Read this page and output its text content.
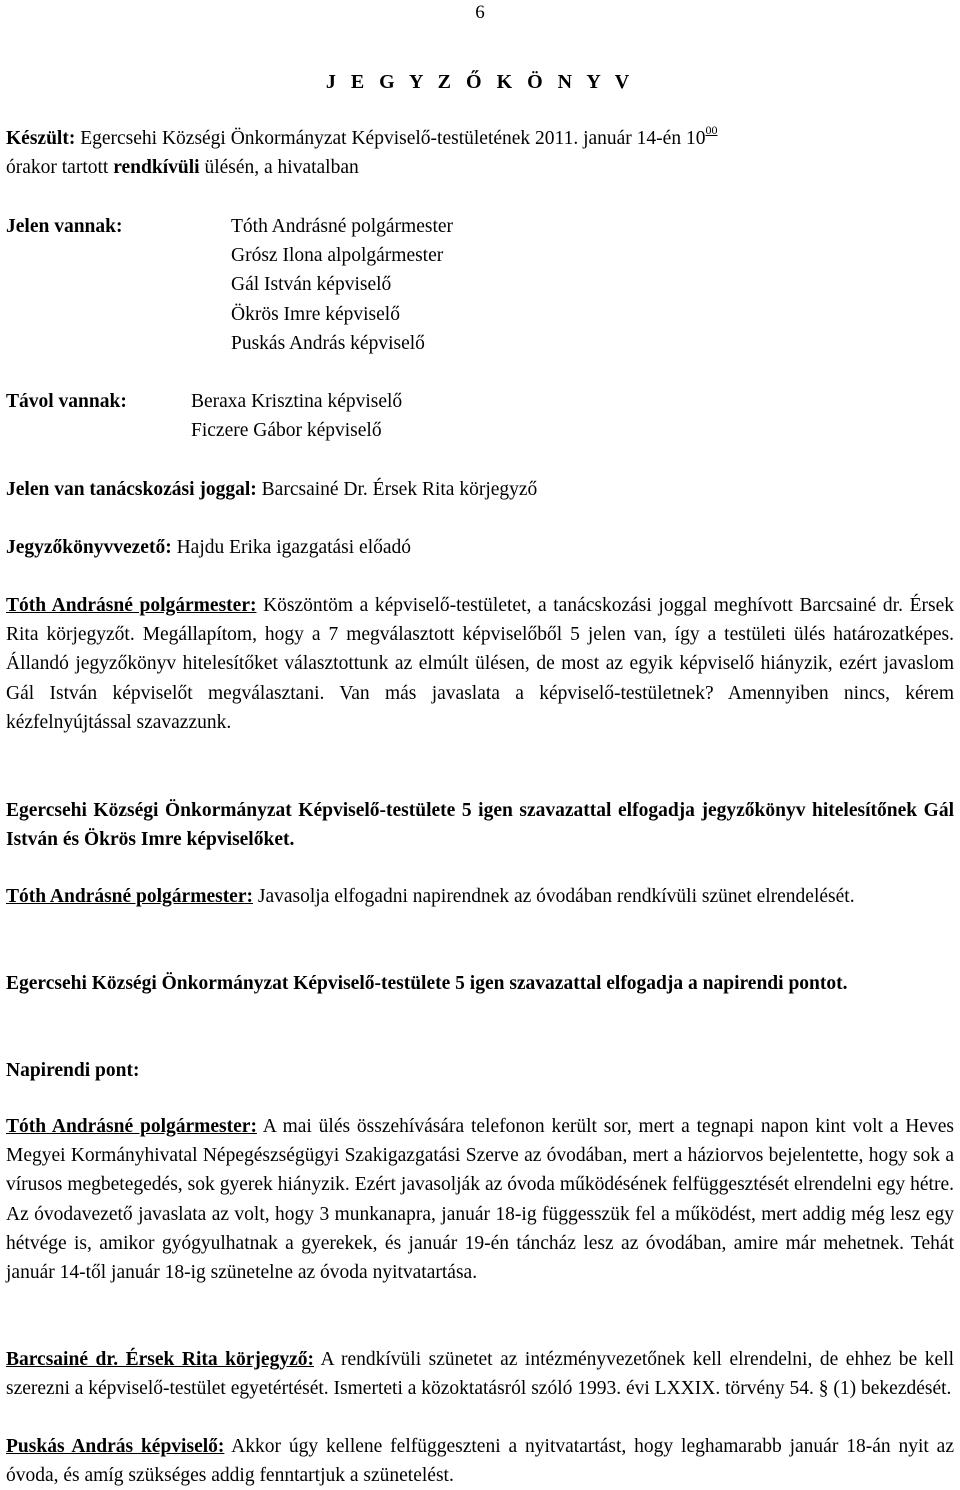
6
J E G Y Z Ő K Ö N Y V
Készült: Egercsehi Községi Önkormányzat Képviselő-testületének 2011. január 14-én $10^{00}$
órakor tartott rendkívüli ülésén, a hivatalban
Jelen vannak:	Tóth Andrásné polgármester
Grósz Ilona alpolgármester
Gál István képviselő
Ökrös Imre képviselő
Puskás András képviselő
Távol vannak:	Beraxa Krisztina képviselő
Ficzere Gábor képviselő
Jelen van tanácskozási joggal: Barcsainé Dr. Érsek Rita körjegyző
Jegyzőkönyvvezető: Hajdu Erika igazgatási előadó
Tóth Andrásné polgármester: Köszöntöm a képviselő-testületet, a tanácskozási joggal meghívott Barcsainé dr. Érsek Rita körjegyzőt. Megállapítom, hogy a 7 megválasztott képviselőből 5 jelen van, így a testületi ülés határozatképes. Állandó jegyzőkönyv hitelesítőket választottunk az elmúlt ülésen, de most az egyik képviselő hiányzik, ezért javaslom Gál István képviselőt megválasztani. Van más javaslata a képviselő-testületnek? Amennyiben nincs, kérem kézfelnyújtással szavazzunk.
Egercsehi Községi Önkormányzat Képviselő-testülete 5 igen szavazattal elfogadja jegyzőkönyv hitelesítőnek Gál István és Ökrös Imre képviselőket.
Tóth Andrásné polgármester: Javasolja elfogadni napirendnek az óvodában rendkívüli szünet elrendelését.
Egercsehi Községi Önkormányzat Képviselő-testülete 5 igen szavazattal elfogadja a napirendi pontot.
Napirendi pont:
Tóth Andrásné polgármester: A mai ülés összehívására telefonon került sor, mert a tegnapi napon kint volt a Heves Megyei Kormányhivatal Népegészségügyi Szakigazgatási Szerve az óvodában, mert a háziorvos bejelentette, hogy sok a vírusos megbetegedés, sok gyerek hiányzik. Ezért javasolják az óvoda működésének felfüggesztését elrendelni egy hétre. Az óvodavezető javaslata az volt, hogy 3 munkanapra, január 18-ig függesszük fel a működést, mert addig még lesz egy hétvége is, amikor gyógyulhatnak a gyerekek, és január 19-én táncház lesz az óvodában, amire már mehetnek. Tehát január 14-től január 18-ig szünetelne az óvoda nyitvatartása.
Barcsainé dr. Érsek Rita körjegyző: A rendkívüli szünetet az intézményvezetőnek kell elrendelni, de ehhez be kell szerezni a képviselő-testület egyetértését. Ismerteti a közoktatásról szóló 1993. évi LXXIX. törvény 54. § (1) bekezdését.
Puskás András képviselő: Akkor úgy kellene felfüggeszteni a nyitvatartást, hogy leghamarabb január 18-án nyit az óvoda, és amíg szükséges addig fenntartjuk a szünetelést.
